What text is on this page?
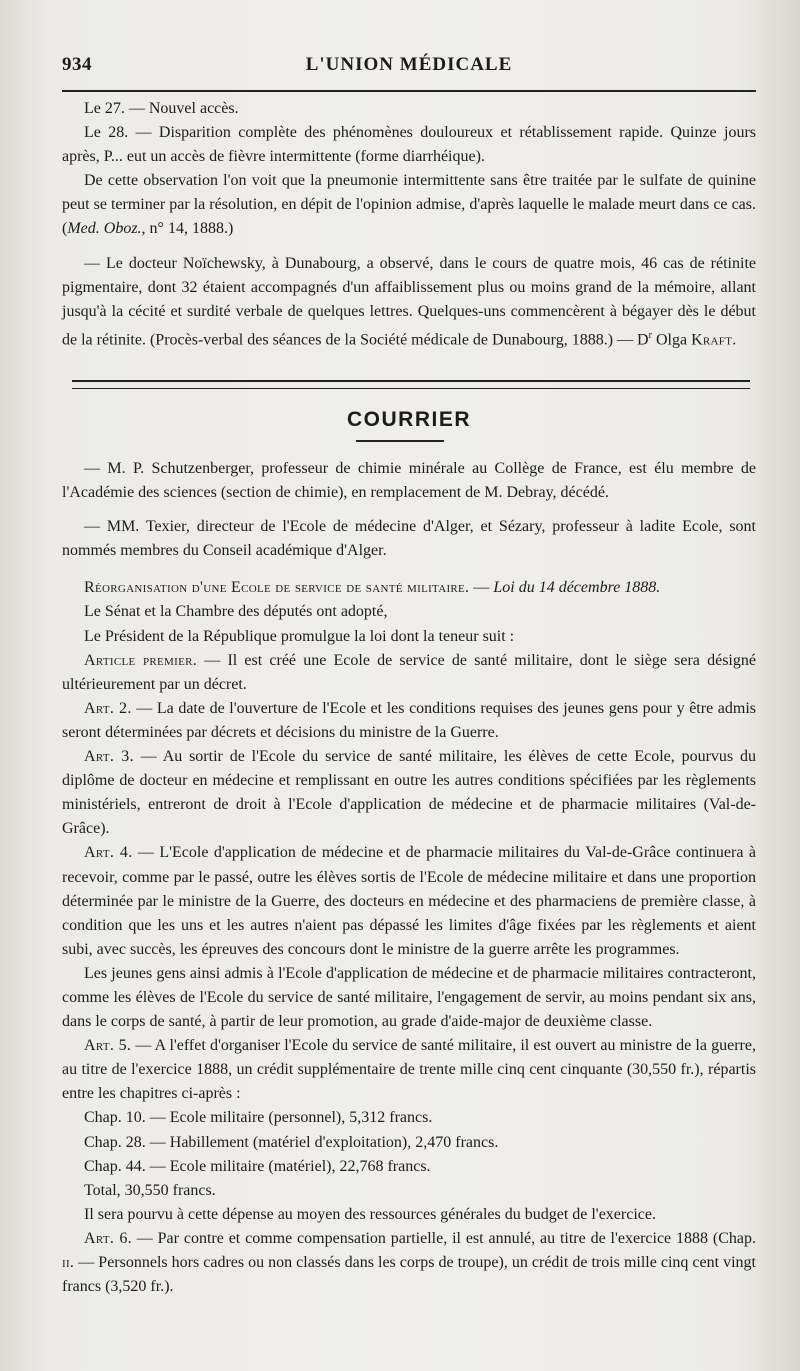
934	L'UNION MÉDICALE

Le 27. — Nouvel accès.

Le 28. — Disparition complète des phénomènes douloureux et rétablissement rapide. Quinze jours après, P... eut un accès de fièvre intermittente (forme diarrhéique).

De cette observation l'on voit que la pneumonie intermittente sans être traitée par le sulfate de quinine peut se terminer par la résolution, en dépit de l'opinion admise, d'après laquelle le malade meurt dans ce cas. (Med. Oboz., n° 14, 1888.)

— Le docteur Noïchewsky, à Dunabourg, a observé, dans le cours de quatre mois, 46 cas de rétinite pigmentaire, dont 32 étaient accompagnés d'un affaiblissement plus ou moins grand de la mémoire, allant jusqu'à la cécité et surdité verbale de quelques lettres. Quelques-uns commencèrent à bégayer dès le début de la rétinite. (Procès-verbal des séances de la Société médicale de Dunabourg, 1888.) — $D^r$ Olga Kraft.

COURRIER

— M. P. Schutzenberger, professeur de chimie minérale au Collège de France, est élu membre de l'Académie des sciences (section de chimie), en remplacement de M. Debray, décédé.

— MM. Texier, directeur de l'Ecole de médecine d'Alger, et Sézary, professeur à ladite Ecole, sont nommés membres du Conseil académique d'Alger.

Réorganisation d'une Ecole de service de santé militaire. — Loi du 14 décembre 1888.

Le Sénat et la Chambre des députés ont adopté,

Le Président de la République promulgue la loi dont la teneur suit :

Article premier. — Il est créé une Ecole de service de santé militaire, dont le siège sera désigné ultérieurement par un décret.

Art. 2. — La date de l'ouverture de l'Ecole et les conditions requises des jeunes gens pour y être admis seront déterminées par décrets et décisions du ministre de la Guerre.

Art. 3. — Au sortir de l'Ecole du service de santé militaire, les élèves de cette Ecole, pourvus du diplôme de docteur en médecine et remplissant en outre les autres conditions spécifiées par les règlements ministériels, entreront de droit à l'Ecole d'application de médecine et de pharmacie militaires (Val-de-Grâce).

Art. 4. — L'Ecole d'application de médecine et de pharmacie militaires du Val-de-Grâce continuera à recevoir, comme par le passé, outre les élèves sortis de l'Ecole de médecine militaire et dans une proportion déterminée par le ministre de la Guerre, des docteurs en médecine et des pharmaciens de première classe, à condition que les uns et les autres n'aient pas dépassé les limites d'âge fixées par les règlements et aient subi, avec succès, les épreuves des concours dont le ministre de la guerre arrête les programmes.

Les jeunes gens ainsi admis à l'Ecole d'application de médecine et de pharmacie militaires contracteront, comme les élèves de l'Ecole du service de santé militaire, l'engagement de servir, au moins pendant six ans, dans le corps de santé, à partir de leur promotion, au grade d'aide-major de deuxième classe.

Art. 5. — A l'effet d'organiser l'Ecole du service de santé militaire, il est ouvert au ministre de la guerre, au titre de l'exercice 1888, un crédit supplémentaire de trente mille cinq cent cinquante (30,550 fr.), répartis entre les chapitres ci-après :

Chap. 10. — Ecole militaire (personnel), 5,312 francs.

Chap. 28. — Habillement (matériel d'exploitation), 2,470 francs.

Chap. 44. — Ecole militaire (matériel), 22,768 francs.

Total, 30,550 francs.

Il sera pourvu à cette dépense au moyen des ressources générales du budget de l'exercice.

Art. 6. — Par contre et comme compensation partielle, il est annulé, au titre de l'exercice 1888 (Chap. ii. — Personnels hors cadres ou non classés dans les corps de troupe), un crédit de trois mille cinq cent vingt francs (3,520 fr.).
